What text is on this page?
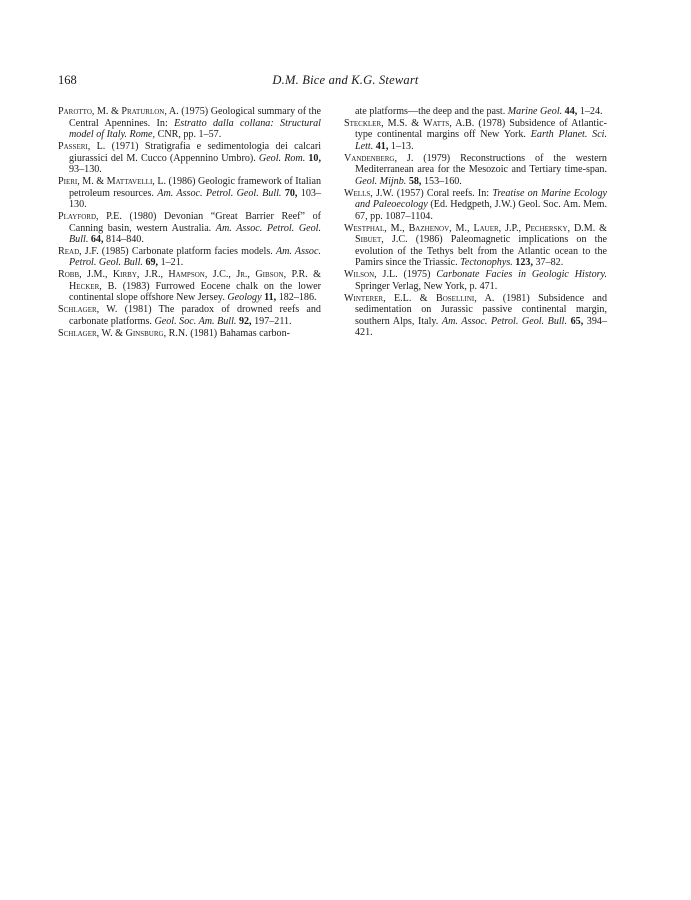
168	D.M. Bice and K.G. Stewart

Parotto, M. & Praturlon, A. (1975) Geological summary of the Central Apennines. In: Estratto dalla collana: Structural model of Italy. Rome, CNR, pp. 1–57.

Passeri, L. (1971) Stratigrafia e sedimentologia dei calcari giurassici del M. Cucco (Appennino Umbro). Geol. Rom. 10, 93–130.

Pieri, M. & Mattavelli, L. (1986) Geologic framework of Italian petroleum resources. Am. Assoc. Petrol. Geol. Bull. 70, 103–130.

Playford, P.E. (1980) Devonian “Great Barrier Reef” of Canning basin, western Australia. Am. Assoc. Petrol. Geol. Bull. 64, 814–840.

Read, J.F. (1985) Carbonate platform facies models. Am. Assoc. Petrol. Geol. Bull. 69, 1–21.

Robb, J.M., Kirby, J.R., Hampson, J.C., Jr., Gibson, P.R. & Hecker, B. (1983) Furrowed Eocene chalk on the lower continental slope offshore New Jersey. Geology 11, 182–186.

Schlager, W. (1981) The paradox of drowned reefs and carbonate platforms. Geol. Soc. Am. Bull. 92, 197–211.

Schlager, W. & Ginsburg, R.N. (1981) Bahamas carbon-

ate platforms—the deep and the past. Marine Geol. 44, 1–24.

Steckler, M.S. & Watts, A.B. (1978) Subsidence of Atlantic-type continental margins off New York. Earth Planet. Sci. Lett. 41, 1–13.

Vandenberg, J. (1979) Reconstructions of the western Mediterranean area for the Mesozoic and Tertiary time-span. Geol. Mijnb. 58, 153–160.

Wells, J.W. (1957) Coral reefs. In: Treatise on Marine Ecology and Paleoecology (Ed. Hedgpeth, J.W.) Geol. Soc. Am. Mem. 67, pp. 1087–1104.

Westphal, M., Bazhenov, M., Lauer, J.P., Pechersky, D.M. & Sibuet, J.C. (1986) Paleomagnetic implications on the evolution of the Tethys belt from the Atlantic ocean to the Pamirs since the Triassic. Tectonophys. 123, 37–82.

Wilson, J.L. (1975) Carbonate Facies in Geologic History. Springer Verlag, New York, p. 471.

Winterer, E.L. & Bosellini, A. (1981) Subsidence and sedimentation on Jurassic passive continental margin, southern Alps, Italy. Am. Assoc. Petrol. Geol. Bull. 65, 394–421.
